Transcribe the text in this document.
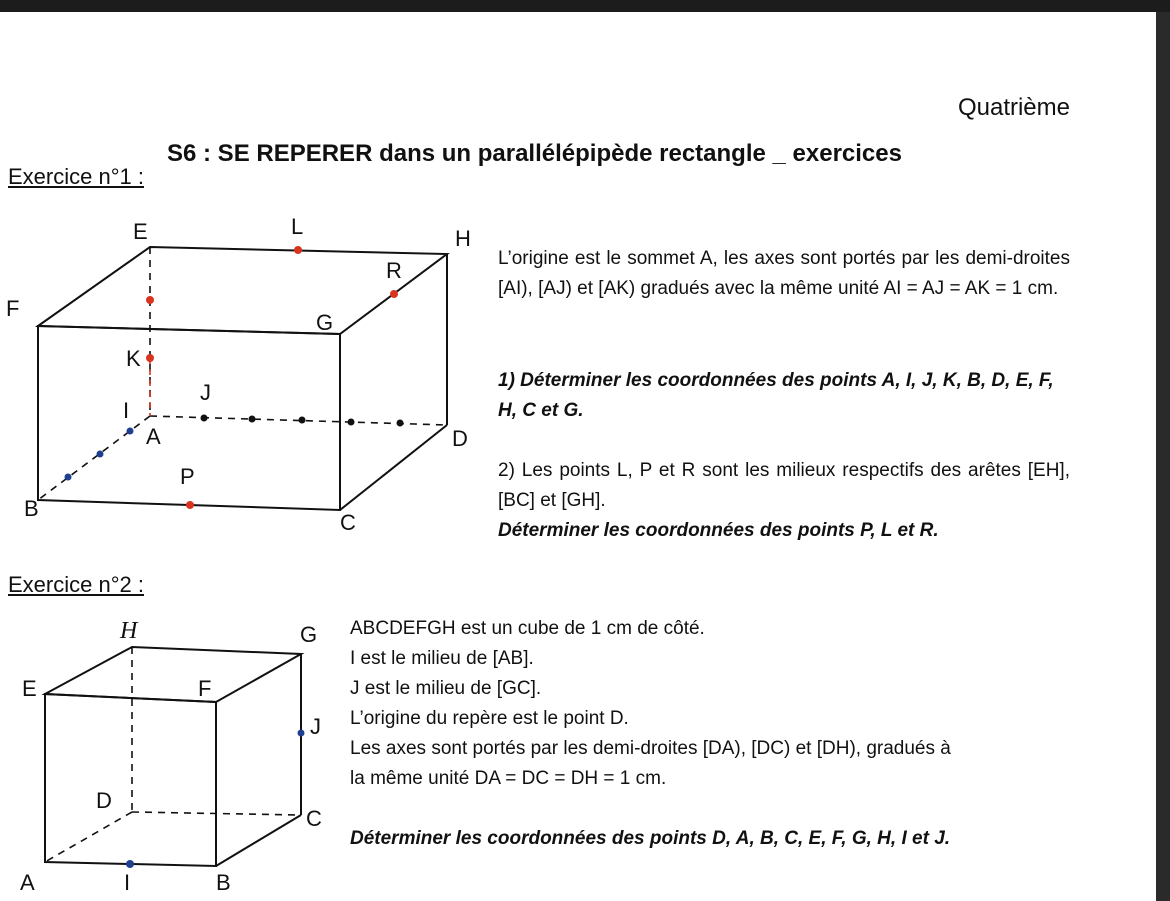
Quatrième
S6 : SE REPERER dans un parallélépipède rectangle _ exercices
Exercice n°1 :
L’origine est le sommet A, les axes sont portés par les demi-droites [AI), [AJ) et [AK) gradués avec la même unité AI = AJ = AK = 1 cm.
1) Déterminer les coordonnées des points A, I, J, K, B, D, E, F, H, C et G.
2) Les points L, P et R sont les milieux respectifs des arêtes [EH], [BC] et [GH].
Déterminer les coordonnées des points P, L et R.
Exercice n°2 :
ABCDEFGH est un cube de 1 cm de côté.
I est le milieu de [AB].
J est le milieu de [GC].
L’origine du repère est le point D.
Les axes sont portés par les demi-droites [DA), [DC) et [DH), gradués à
la même unité DA = DC = DH = 1 cm.
Déterminer les coordonnées des points D, A, B, C, E, F, G, H, I et J.
E	L	H
R
F
G
K
J
I
A	D
P
B
C
H	G
E	F
J
D
C
A	I	B
